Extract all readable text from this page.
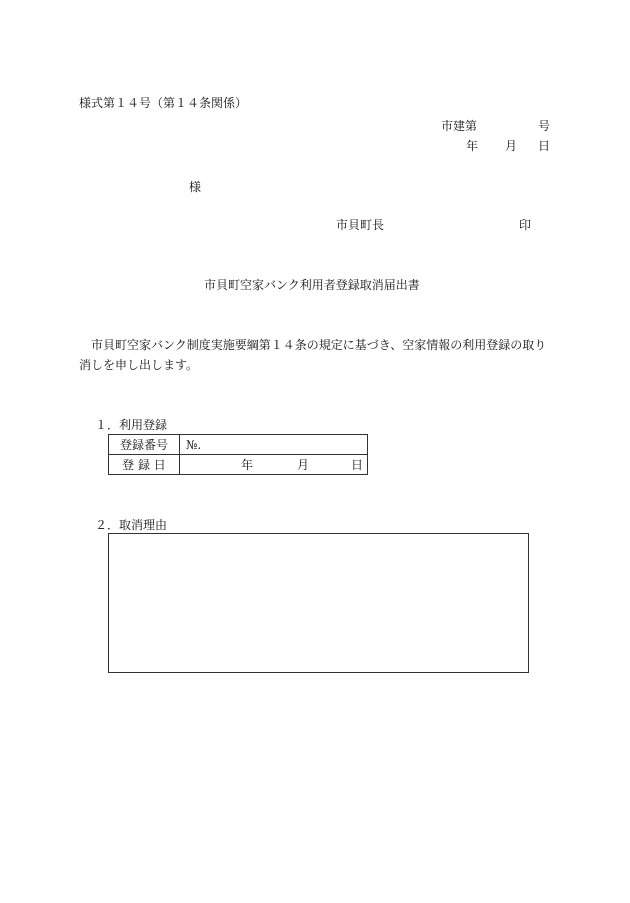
様式第１４号（第１４条関係）
市建第	号
年 月 日
様
市貝町長	印
市貝町空家バンク利用者登録取消届出書
市貝町空家バンク制度実施要綱第１４条の規定に基づき、空家情報の利用登録の取り消しを申し出します。
１．利用登録
登録番号	№.

登 録 日	年 月 日
２．取消理由
